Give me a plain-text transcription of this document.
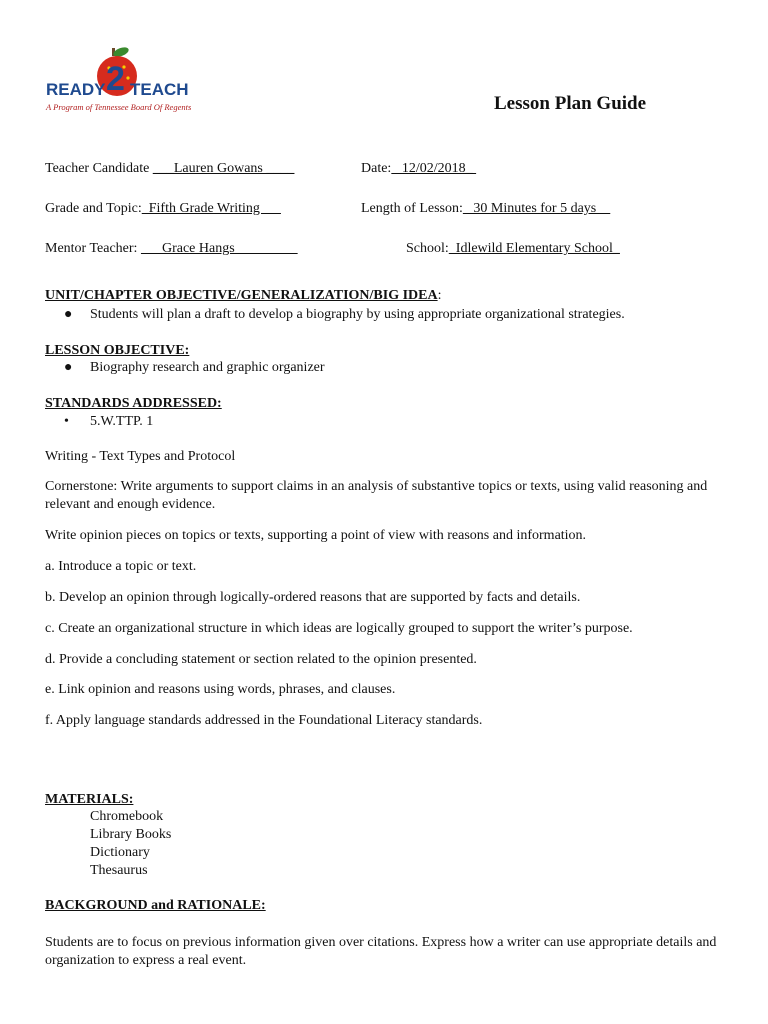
READY 2 TEACH
A Program of Tennessee Board Of Regents	Lesson Plan Guide
Teacher Candidate ___Lauren Gowans ____	Date:   12/02/2018_
Grade and Topic:  Fifth Grade Writing	Length of Lesson:   30 Minutes for 5 days
Mentor Teacher:       Grace Hangs	School:  Idlewild Elementary School_
UNIT/CHAPTER OBJECTIVE/GENERALIZATION/BIG IDEA:
● Students will plan a draft to develop a biography by using appropriate organizational strategies.
LESSON OBJECTIVE:
● Biography research and graphic organizer
STANDARDS ADDRESSED:
• 5.W.TTP. 1
Writing - Text Types and Protocol
Cornerstone: Write arguments to support claims in an analysis of substantive topics or texts, using valid reasoning and relevant and enough evidence.
Write opinion pieces on topics or texts, supporting a point of view with reasons and information.
a. Introduce a topic or text.
b. Develop an opinion through logically-ordered reasons that are supported by facts and details.
c. Create an organizational structure in which ideas are logically grouped to support the writer’s purpose.
d. Provide a concluding statement or section related to the opinion presented.
e. Link opinion and reasons using words, phrases, and clauses.
f. Apply language standards addressed in the Foundational Literacy standards.
MATERIALS:
Chromebook
Library Books
Dictionary
Thesaurus
BACKGROUND and RATIONALE:
Students are to focus on previous information given over citations. Express how a writer can use appropriate details and organization to express a real event.
